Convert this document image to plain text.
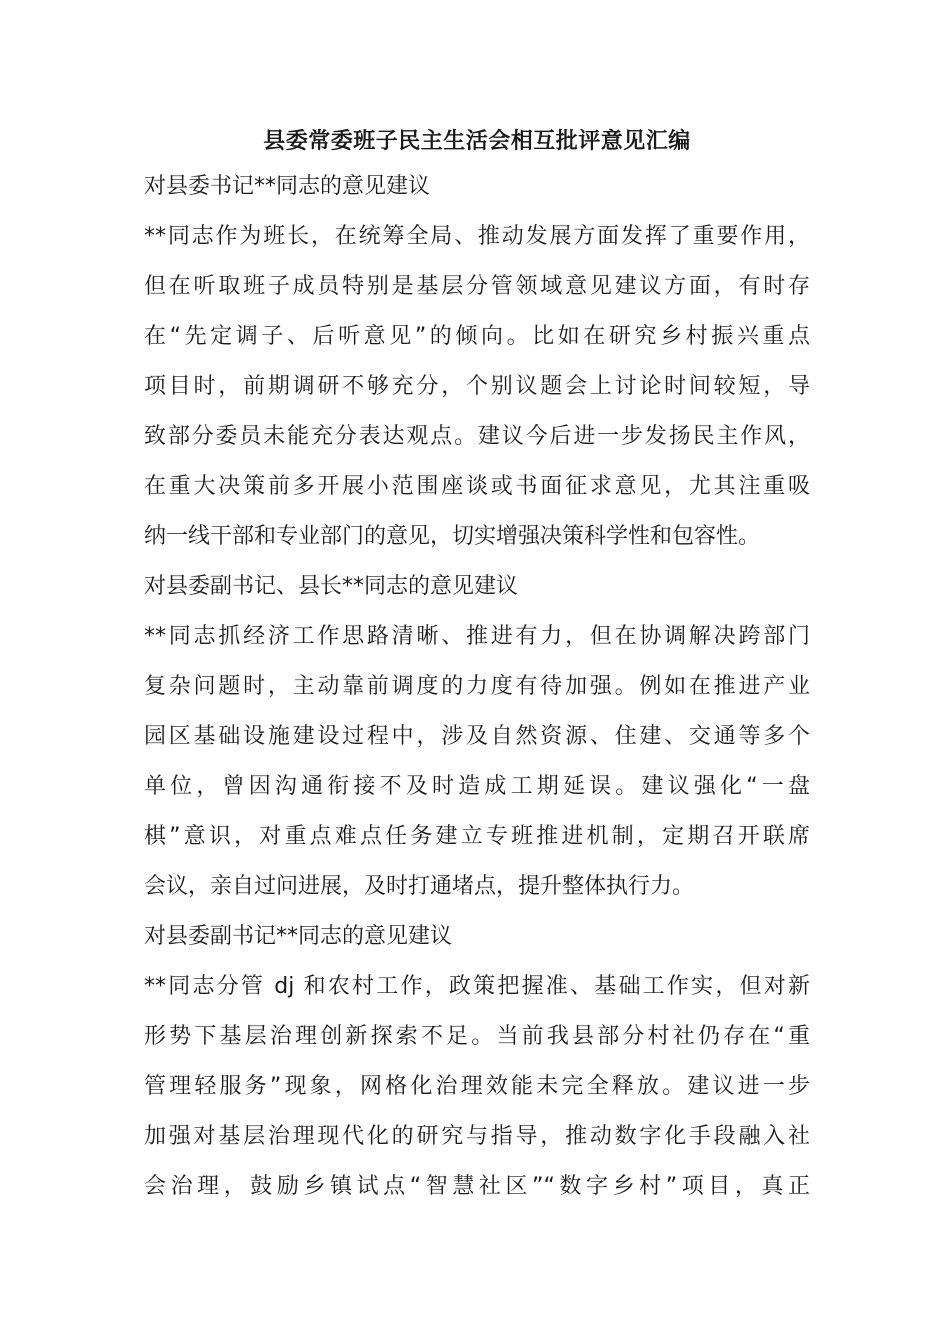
县委常委班子民主生活会相互批评意见汇编

对县委书记**同志的意见建议

**同志作为班长，在统筹全局、推动发展方面发挥了重要作用，

但在听取班子成员特别是基层分管领域意见建议方面，有时存

在“先定调子、后听意见”的倾向。比如在研究乡村振兴重点

项目时，前期调研不够充分，个别议题会上讨论时间较短，导

致部分委员未能充分表达观点。建议今后进一步发扬民主作风，

在重大决策前多开展小范围座谈或书面征求意见，尤其注重吸

纳一线干部和专业部门的意见，切实增强决策科学性和包容性。

对县委副书记、县长**同志的意见建议

**同志抓经济工作思路清晰、推进有力，但在协调解决跨部门

复杂问题时，主动靠前调度的力度有待加强。例如在推进产业

园区基础设施建设过程中，涉及自然资源、住建、交通等多个

单位，曾因沟通衔接不及时造成工期延误。建议强化“一盘

棋”意识，对重点难点任务建立专班推进机制，定期召开联席

会议，亲自过问进展，及时打通堵点，提升整体执行力。

对县委副书记**同志的意见建议

**同志分管 dj 和农村工作，政策把握准、基础工作实，但对新

形势下基层治理创新探索不足。当前我县部分村社仍存在“重

管理轻服务”现象，网格化治理效能未完全释放。建议进一步

加强对基层治理现代化的研究与指导，推动数字化手段融入社

会治理，鼓励乡镇试点“智慧社区”“数字乡村”项目，真正
